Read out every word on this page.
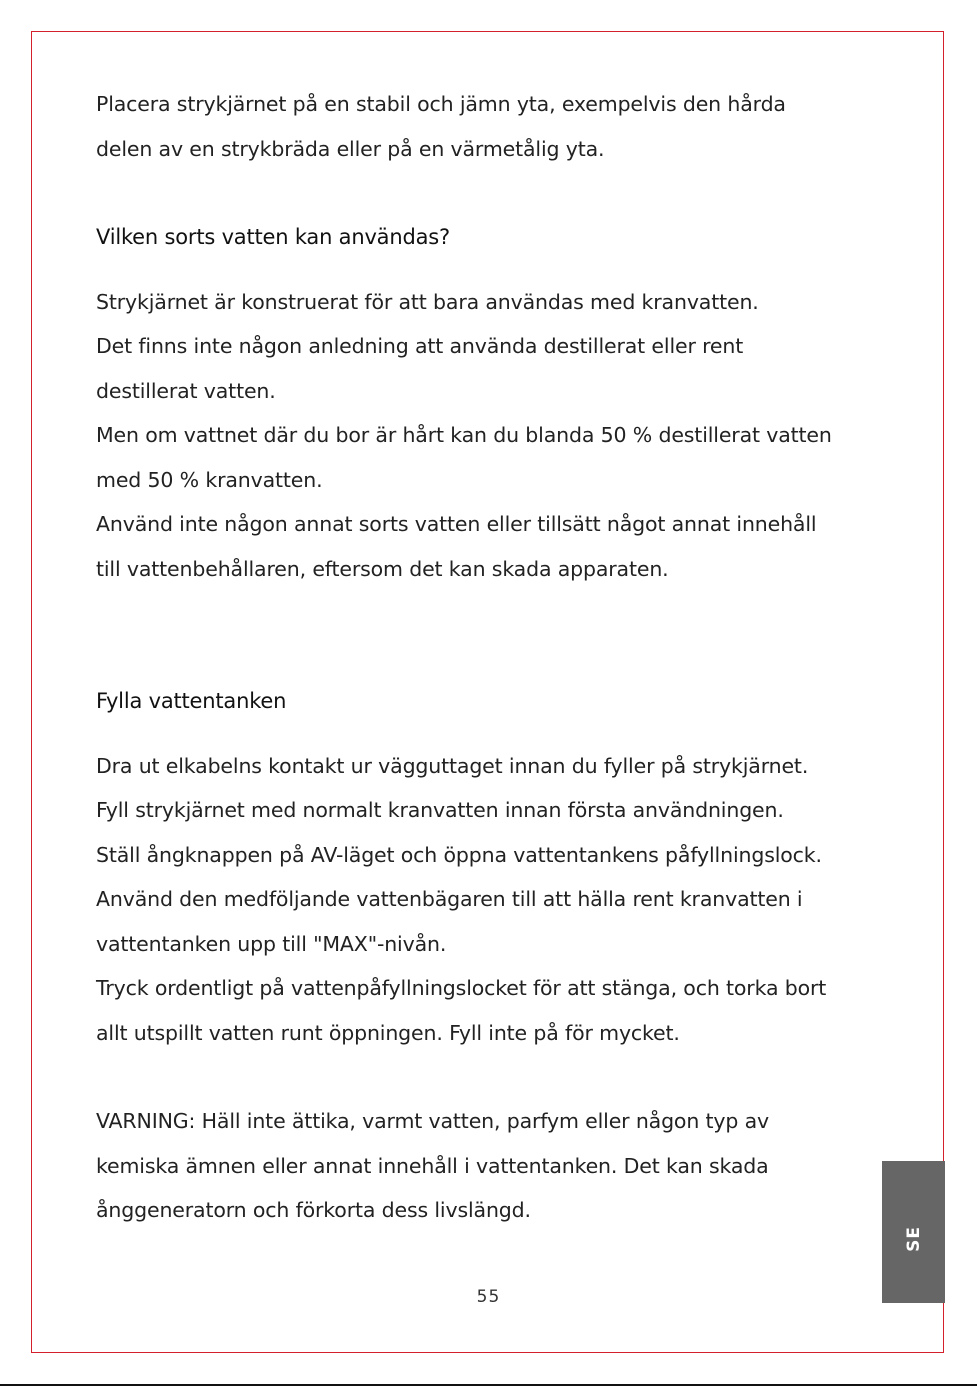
Placera strykjärnet på en stabil och jämn yta, exempelvis den hårda
delen av en strykbräda eller på en värmetålig yta.

Vilken sorts vatten kan användas?

Strykjärnet är konstruerat för att bara användas med kranvatten.
Det finns inte någon anledning att använda destillerat eller rent
destillerat vatten.
Men om vattnet där du bor är hårt kan du blanda 50 % destillerat vatten
med 50 % kranvatten.
Använd inte någon annat sorts vatten eller tillsätt något annat innehåll
till vattenbehållaren, eftersom det kan skada apparaten.

Fylla vattentanken

Dra ut elkabelns kontakt ur vägguttaget innan du fyller på strykjärnet.
Fyll strykjärnet med normalt kranvatten innan första användningen.
Ställ ångknappen på AV-läget och öppna vattentankens påfyllningslock.
Använd den medföljande vattenbägaren till att hälla rent kranvatten i
vattentanken upp till "MAX"-nivån.
Tryck ordentligt på vattenpåfyllningslocket för att stänga, och torka bort
allt utspillt vatten runt öppningen. Fyll inte på för mycket.

VARNING: Häll inte ättika, varmt vatten, parfym eller någon typ av
kemiska ämnen eller annat innehåll i vattentanken. Det kan skada
ånggeneratorn och förkorta dess livslängd.

SE
55
